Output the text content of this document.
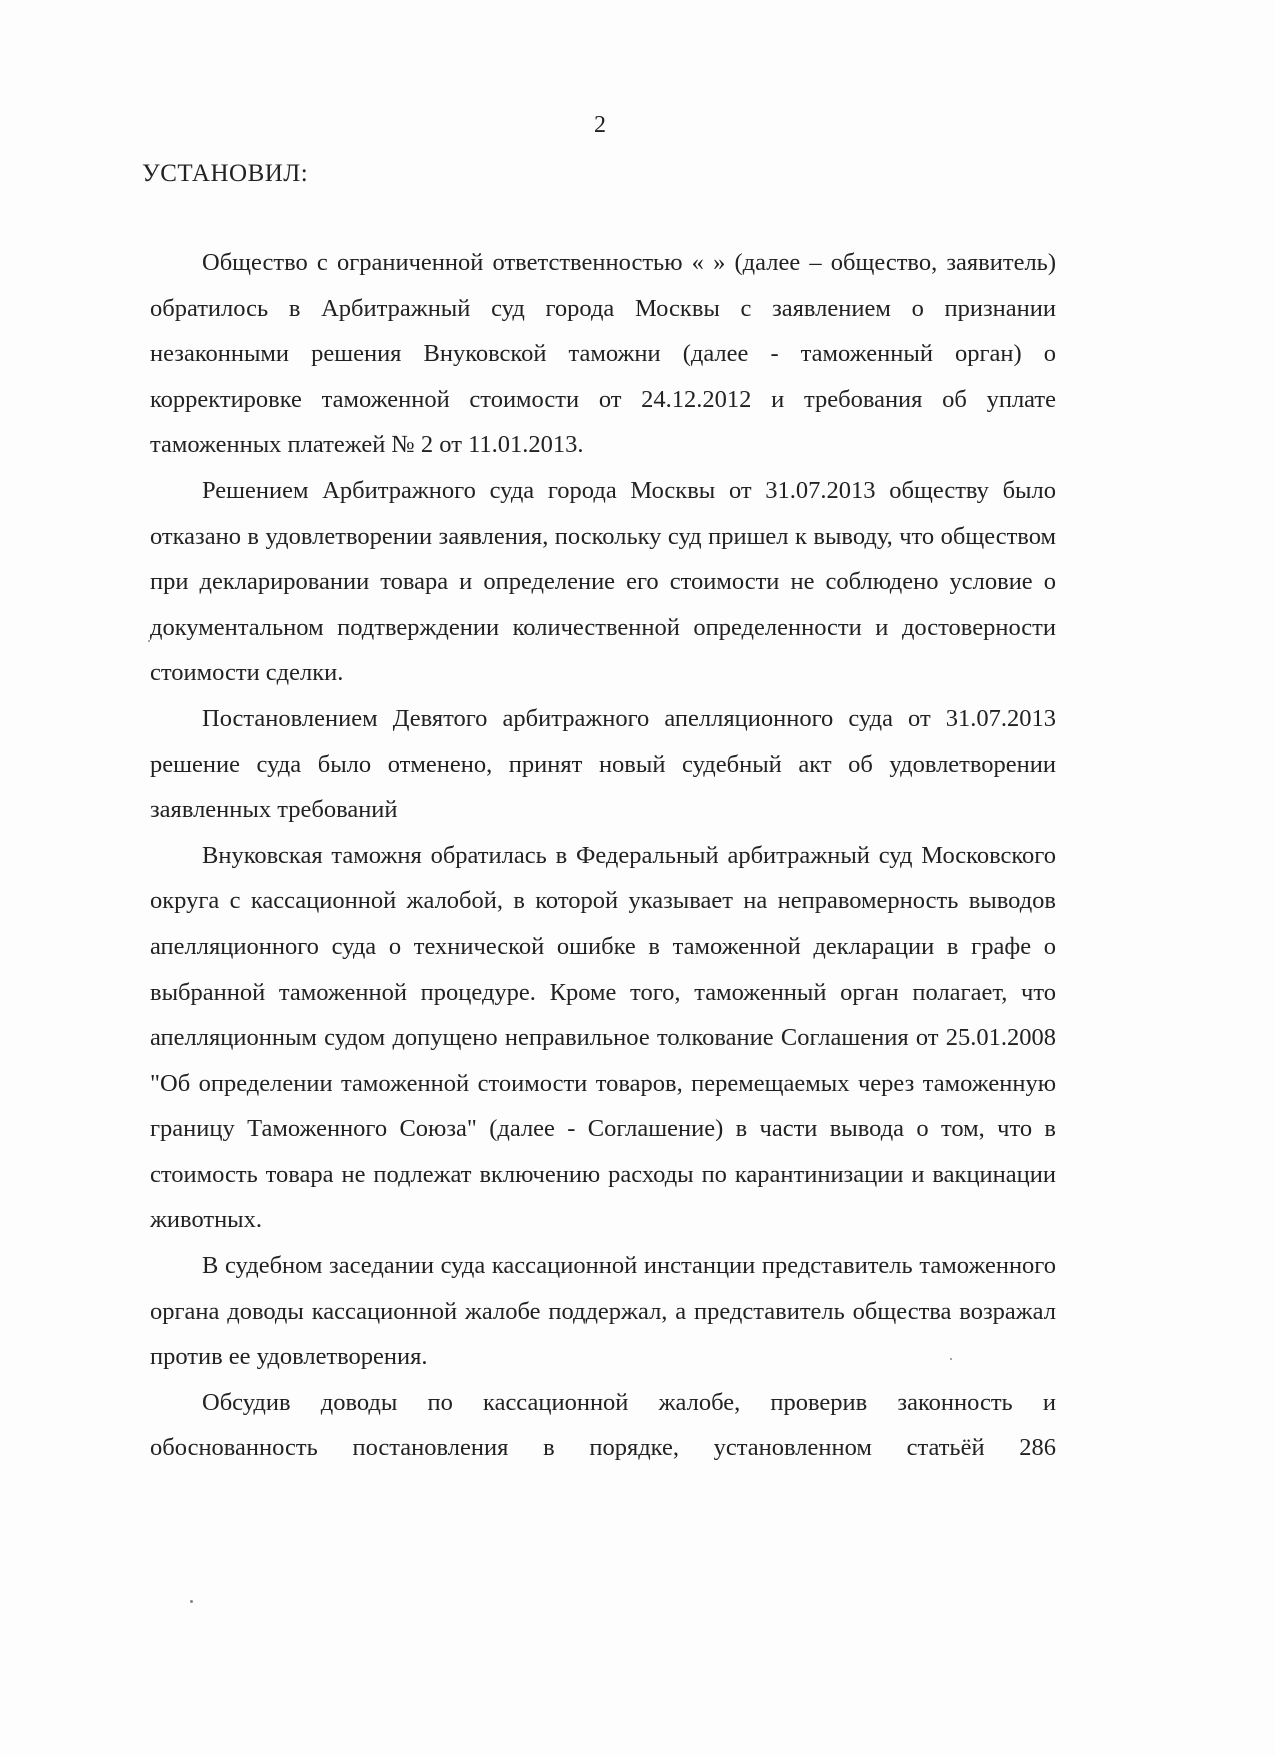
2
УСТАНОВИЛ:

Общество с ограниченной ответственностью « » (далее – общество, заявитель) обратилось в Арбитражный суд города Москвы с заявлением о признании незаконными решения Внуковской таможни (далее - таможенный орган) о корректировке таможенной стоимости от 24.12.2012 и требования об уплате таможенных платежей № 2 от 11.01.2013.

Решением Арбитражного суда города Москвы от 31.07.2013 обществу было отказано в удовлетворении заявления, поскольку суд пришел к выводу, что обществом при декларировании товара и определение его стоимости не соблюдено условие о документальном подтверждении количественной определенности и достоверности стоимости сделки.

Постановлением Девятого арбитражного апелляционного суда от 31.07.2013 решение суда было отменено, принят новый судебный акт об удовлетворении заявленных требований

Внуковская таможня обратилась в Федеральный арбитражный суд Московского округа с кассационной жалобой, в которой указывает на неправомерность выводов апелляционного суда о технической ошибке в таможенной декларации в графе о выбранной таможенной процедуре. Кроме того, таможенный орган полагает, что апелляционным судом допущено неправильное толкование Соглашения от 25.01.2008 "Об определении таможенной стоимости товаров, перемещаемых через таможенную границу Таможенного Союза" (далее - Соглашение) в части вывода о том, что в стоимость товара не подлежат включению расходы по карантинизации и вакцинации животных.

В судебном заседании суда кассационной инстанции представитель таможенного органа доводы кассационной жалобе поддержал, а представитель общества возражал против ее удовлетворения.

Обсудив доводы по кассационной жалобе, проверив законность и обоснованность постановления в порядке, установленном статьёй 286
